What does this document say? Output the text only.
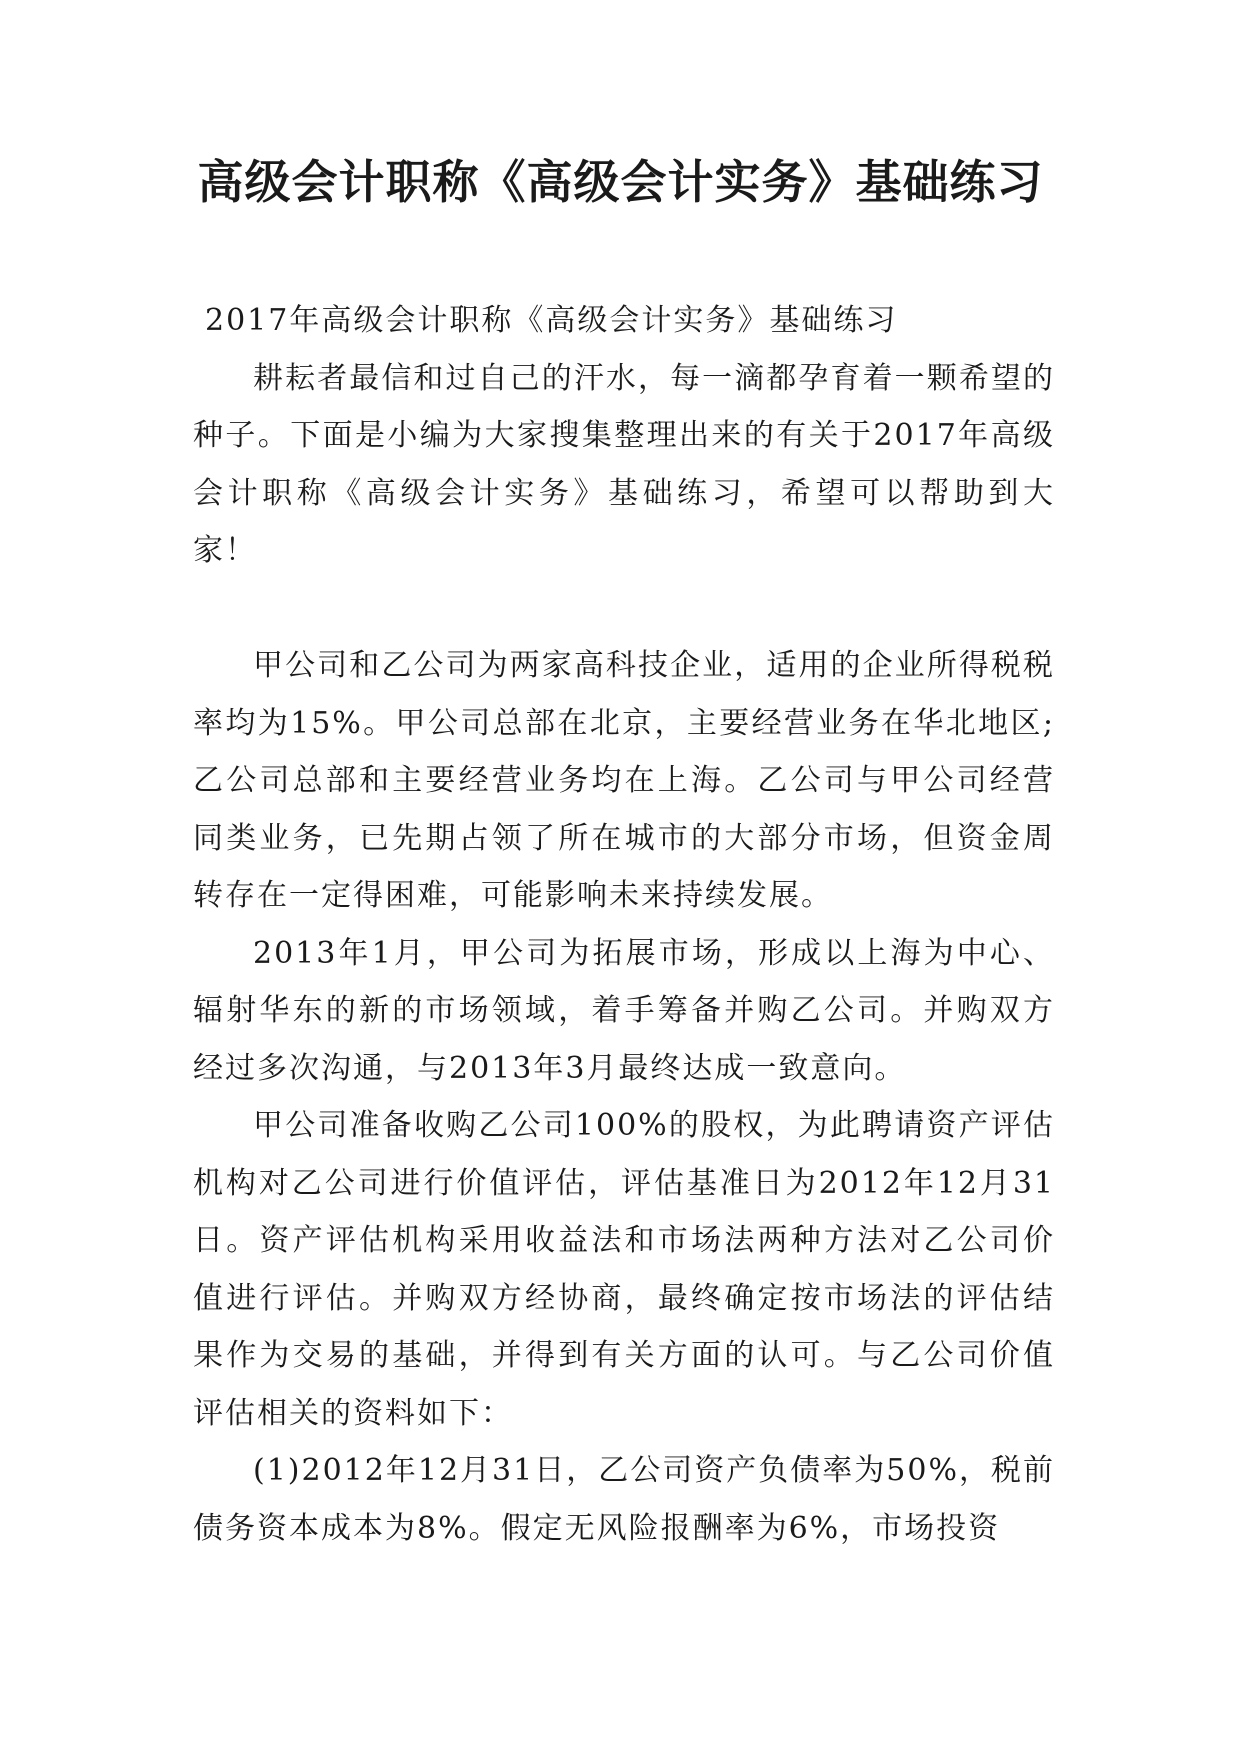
高级会计职称《高级会计实务》基础练习

2017年高级会计职称《高级会计实务》基础练习

耕耘者最信和过自己的汗水，每一滴都孕育着一颗希望的种子。下面是小编为大家搜集整理出来的有关于2017年高级会计职称《高级会计实务》基础练习，希望可以帮助到大家！

甲公司和乙公司为两家高科技企业，适用的企业所得税税率均为15%。甲公司总部在北京，主要经营业务在华北地区;乙公司总部和主要经营业务均在上海。乙公司与甲公司经营同类业务，已先期占领了所在城市的大部分市场，但资金周转存在一定得困难，可能影响未来持续发展。

2013年1月，甲公司为拓展市场，形成以上海为中心、辐射华东的新的市场领域，着手筹备并购乙公司。并购双方经过多次沟通，与2013年3月最终达成一致意向。

甲公司准备收购乙公司100%的股权，为此聘请资产评估机构对乙公司进行价值评估，评估基准日为2012年12月31日。资产评估机构采用收益法和市场法两种方法对乙公司价值进行评估。并购双方经协商，最终确定按市场法的评估结果作为交易的基础，并得到有关方面的认可。与乙公司价值评估相关的资料如下：

(1)2012年12月31日，乙公司资产负债率为50%，税前债务资本成本为8%。假定无风险报酬率为6%，市场投资
